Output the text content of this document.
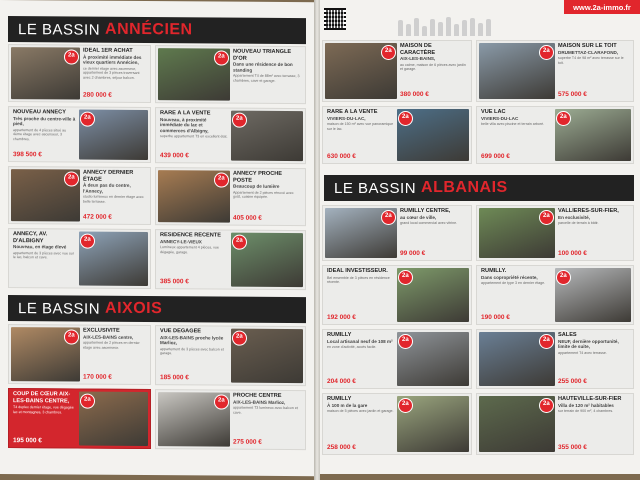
LE BASSIN ANNÉCIEN
LE BASSIN AIXOIS
2a
IDÉAL 1ER ACHAT
À proximité immédiate des vieux quartiers Annécien,
ce dernier étage avec ascenseur, appartement de 3 pièces traversant avec 2 chambres, séjour balcon.
280 000 €
2a
NOUVEAU TRIANGLE D'OR
Dans une résidence de bon standing
Appartement T4 de 88m² avec terrasse, 3 chambres, cave et garage.
2a
NOUVEAU ANNECY
Très proche du centre-ville à pied,
appartement de 4 pièces situé au 4ème étage avec ascenseur, 3 chambres.
398 500 €
2a
RARE À LA VENTE
Nouveau, à proximité immédiate du lac et commerces d'Albigny,
superbe appartement T3 en excellent état.
439 000 €
2a
ANNECY DERNIER ÉTAGE
À deux pas du centre, l'Annecy,
studio lumineux en dernier étage avec belle terrasse.
472 000 €
2a
ANNECY PROCHE POSTE
Beaucoup de lumière
Appartement de 2 pièces rénové avec goût, cuisine équipée.
405 000 €
2a
ANNECY, AV. D'ALBIGNY
Nouveau, en étage élevé
appartement de 3 pièces avec vue sur le lac, balcon et cave.
2a
RÉSIDENCE RÉCENTE
ANNECY-LE-VIEUX
Lumineux appartement 4 pièces, vue dégagée, garage.
385 000 €
2a
EXCLUSIVITÉ
AIX-LES-BAINS centre,
appartement de 2 pièces en dernier étage avec ascenseur.
170 000 €
2a
VUE DÉGAGÉE
AIX-LES-BAINS proche lycée Marlioz,
appartement de 3 pièces avec balcon et garage.
185 000 €
2a
COUP DE CŒUR AIX-LES-BAINS CENTRE,
T4 duplex dernier étage, vue dégagée lac et montagnes, 3 chambres.
195 000 €
2a
PROCHE CENTRE
AIX-LES-BAINS Marlioz,
appartement T3 lumineux avec balcon et cave.
275 000 €
www.2a-immo.fr
LE BASSIN ALBANAIS
2a
MAISON DE CARACTÈRE
AIX-LES-BAINS,
au calme, maison de 6 pièces avec jardin et garage.
380 000 €
2a
MAISON SUR LE TOIT
DRUMETTAZ-CLARAFOND,
superbe T4 de 98 m² avec terrasse sur le toit.
575 000 €
2a
RARE À LA VENTE
VIVIERS-DU-LAC,
maison de 150 m² avec vue panoramique sur le lac.
630 000 €
2a
VUE LAC
VIVIERS-DU-LAC
belle villa avec piscine et terrain arboré.
699 000 €
2a
RUMILLY CENTRE,
au cœur de ville,
grand local commercial avec vitrine.
99 000 €
2a
VALLIÈRES-SUR-FIER,
En exclusivité,
parcelle de terrain à bâtir.
100 000 €
2a
IDÉAL INVESTISSEUR.
Bel ensemble de 3 pièces en résidence récente.
192 000 €
2a
RUMILLY.
Dans copropriété récente,
appartement de type 3 en dernier étage.
190 000 €
2a
RUMILLY
Local artisanal neuf de 108 m²
en zone d'activité, accès facile.
204 000 €
2a
SALES
NEUF, dernière opportunité, limite de suite,
appartement T4 avec terrasse.
255 000 €
2a
RUMILLY
À 100 m de la gare
maison de 5 pièces avec jardin et garage.
258 000 €
2a
HAUTEVILLE-SUR-FIER
Villa de 120 m² habitables
sur terrain de 900 m², 4 chambres.
355 000 €
